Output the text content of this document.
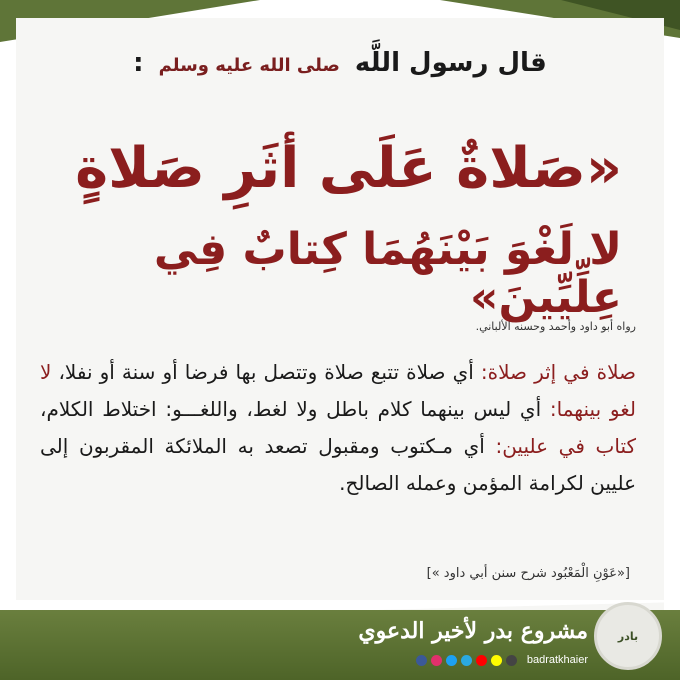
قال رسول اللَّه صلى الله عليه وسلم :
«صَلاةٌ عَلَى أثَرِ صَلاةٍ
لا لَغْوَ بَيْنَهُمَا كِتابٌ فِي عِلِّيِّينَ»
رواه أبو داود وأحمد وحسنه الألباني.
صلاة في إثر صلاة: أي صلاة تتبع صلاة وتتصل بها فرضا أو سنة أو نفلا، لا لغو بينهما: أي ليس بينهما كلام باطل ولا لغط، واللغـــو: اختلاط الكلام، كتاب في عليين: أي مـكتوب ومقبول تصعد به الملائكة المقربون إلى عليين لكرامة المؤمن وعمله الصالح.
[«عَوْنِ الْمَعْبُود شرح سنن أبي داود »]
بادر
مشروع بدر لأخير الدعوي
badratkhaier
